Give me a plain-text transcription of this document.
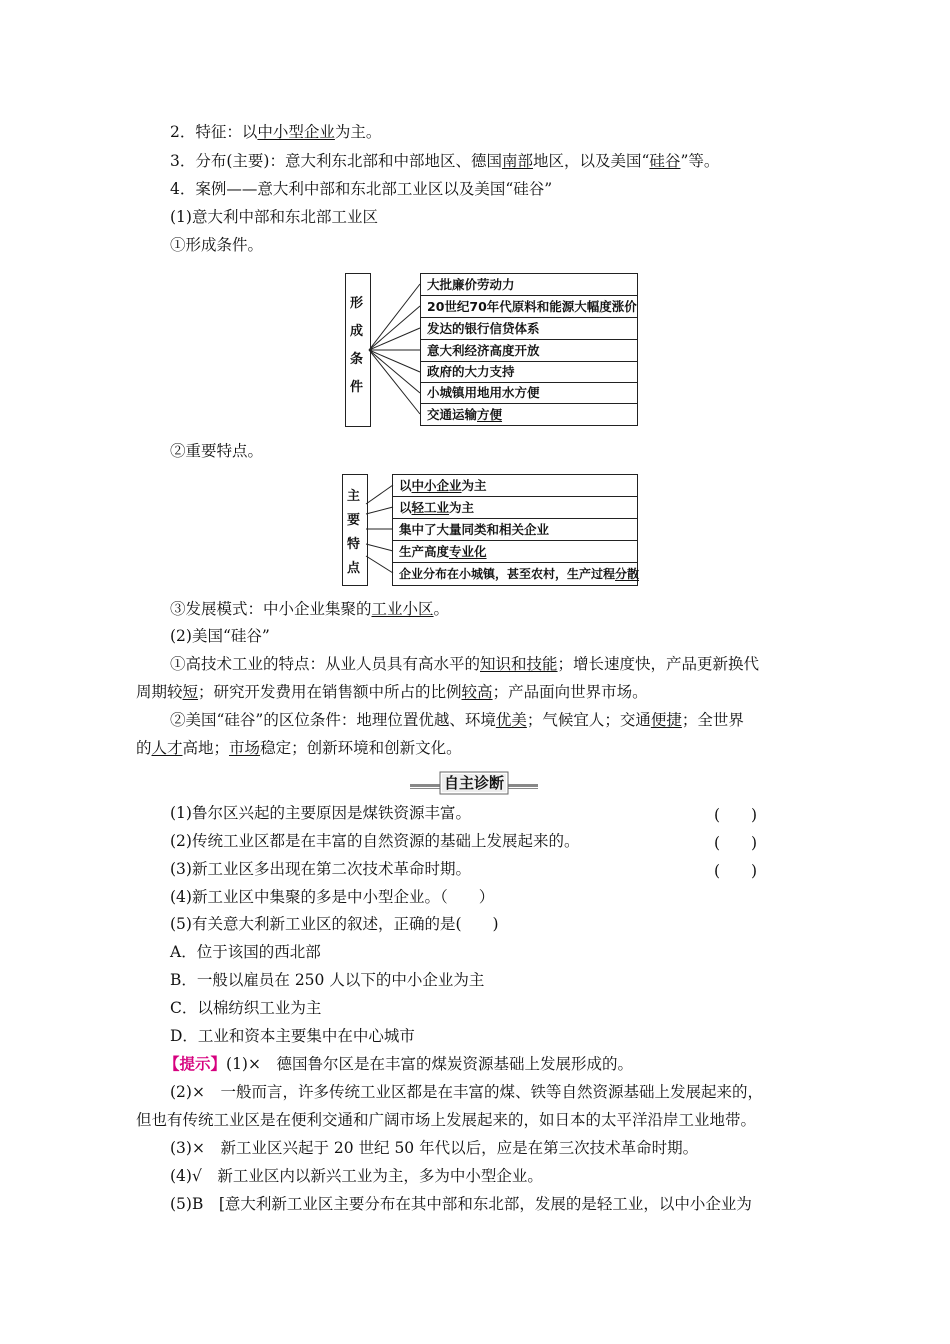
2．特征：以中小型企业为主。
3．分布(主要)：意大利东北部和中部地区、德国南部地区，以及美国“硅谷”等。
4．案例——意大利中部和东北部工业区以及美国“硅谷”
(1)意大利中部和东北部工业区
①形成条件。
形
成
条
件
大批廉价劳动力
20世纪70年代原料和能源大幅度涨价
发达的银行信贷体系
意大利经济高度开放
政府的大力支持
小城镇用地用水方便
交通运输方便
②重要特点。
主
要
特
点
以中小企业为主
以轻工业为主
集中了大量同类和相关企业
生产高度专业化
企业分布在小城镇，甚至农村，生产过程分散
③发展模式：中小企业集聚的工业小区。
(2)美国“硅谷”
①高技术工业的特点：从业人员具有高水平的知识和技能；增长速度快，产品更新换代
周期较短；研究开发费用在销售额中所占的比例较高；产品面向世界市场。
②美国“硅谷”的区位条件：地理位置优越、环境优美；气候宜人；交通便捷；全世界
的人才高地；市场稳定；创新环境和创新文化。
自主诊断
(1)鲁尔区兴起的主要原因是煤铁资源丰富。	(　　)
(2)传统工业区都是在丰富的自然资源的基础上发展起来的。	(　　)
(3)新工业区多出现在第二次技术革命时期。	(　　)
(4)新工业区中集聚的多是中小型企业。（　　）
(5)有关意大利新工业区的叙述，正确的是(　　)
A．位于该国的西北部
B．一般以雇员在 250 人以下的中小企业为主
C．以棉纺织工业为主
D．工业和资本主要集中在中心城市
【提示】(1)×　德国鲁尔区是在丰富的煤炭资源基础上发展形成的。
(2)×　一般而言，许多传统工业区都是在丰富的煤、铁等自然资源基础上发展起来的，
但也有传统工业区是在便利交通和广阔市场上发展起来的，如日本的太平洋沿岸工业地带。
(3)×　新工业区兴起于 20 世纪 50 年代以后，应是在第三次技术革命时期。
(4)√　新工业区内以新兴工业为主，多为中小型企业。
(5)B　[意大利新工业区主要分布在其中部和东北部，发展的是轻工业，以中小企业为
